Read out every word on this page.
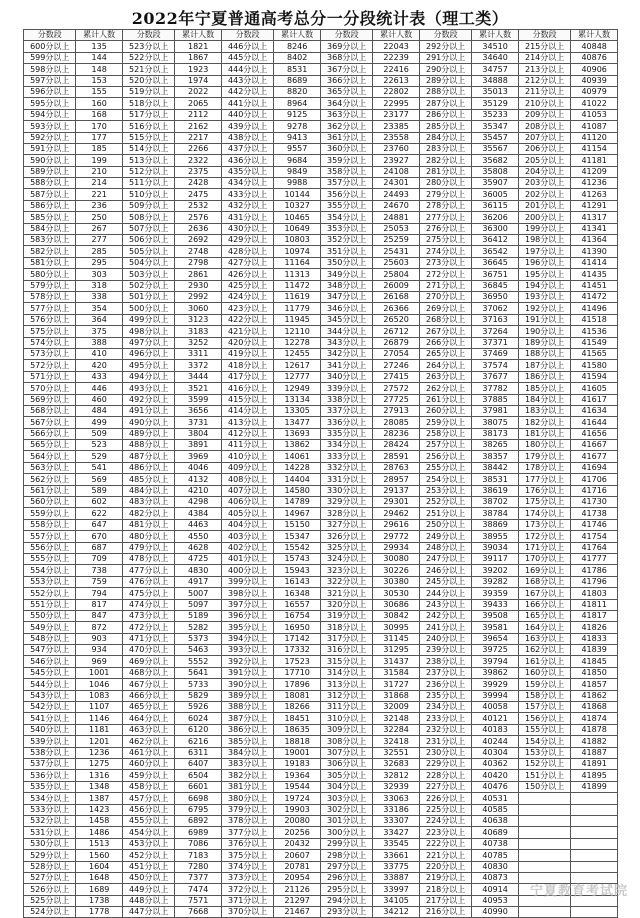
2022年宁夏普通高考总分一分段统计表（理工类）
分数段	累计人数	分数段	累计人数	分数段	累计人数	分数段	累计人数	分数段	累计人数	分数段	累计人数
600分以上	135	523分以上	1821	446分以上	8246	369分以上	22043	292分以上	34510	215分以上	40848
599分以上	144	522分以上	1867	445分以上	8402	368分以上	22239	291分以上	34640	214分以上	40876
598分以上	148	521分以上	1923	444分以上	8531	367分以上	22416	290分以上	34757	213分以上	40906
597分以上	153	520分以上	1974	443分以上	8689	366分以上	22613	289分以上	34888	212分以上	40939
596分以上	155	519分以上	2022	442分以上	8820	365分以上	22802	288分以上	35013	211分以上	40979
595分以上	160	518分以上	2065	441分以上	8964	364分以上	22995	287分以上	35129	210分以上	41022
594分以上	168	517分以上	2112	440分以上	9125	363分以上	23177	286分以上	35233	209分以上	41053
593分以上	170	516分以上	2162	439分以上	9278	362分以上	23385	285分以上	35347	208分以上	41087
592分以上	177	515分以上	2217	438分以上	9413	361分以上	23558	284分以上	35457	207分以上	41120
591分以上	185	514分以上	2266	437分以上	9557	360分以上	23760	283分以上	35567	206分以上	41154
590分以上	199	513分以上	2322	436分以上	9684	359分以上	23927	282分以上	35682	205分以上	41181
589分以上	210	512分以上	2375	435分以上	9849	358分以上	24108	281分以上	35808	204分以上	41209
588分以上	214	511分以上	2428	434分以上	9988	357分以上	24301	280分以上	35907	203分以上	41236
587分以上	221	510分以上	2475	433分以上	10144	356分以上	24493	279分以上	36005	202分以上	41263
586分以上	236	509分以上	2532	432分以上	10327	355分以上	24670	278分以上	36115	201分以上	41291
585分以上	250	508分以上	2576	431分以上	10465	354分以上	24881	277分以上	36206	200分以上	41317
584分以上	267	507分以上	2636	430分以上	10649	353分以上	25053	276分以上	36300	199分以上	41341
583分以上	277	506分以上	2692	429分以上	10803	352分以上	25259	275分以上	36412	198分以上	41364
582分以上	285	505分以上	2748	428分以上	10974	351分以上	25431	274分以上	36542	197分以上	41390
581分以上	295	504分以上	2798	427分以上	11164	350分以上	25603	273分以上	36645	196分以上	41414
580分以上	303	503分以上	2861	426分以上	11313	349分以上	25804	272分以上	36751	195分以上	41435
579分以上	318	502分以上	2930	425分以上	11472	348分以上	26009	271分以上	36845	194分以上	41451
578分以上	338	501分以上	2992	424分以上	11619	347分以上	26168	270分以上	36950	193分以上	41472
577分以上	354	500分以上	3060	423分以上	11779	346分以上	26366	269分以上	37062	192分以上	41496
576分以上	364	499分以上	3123	422分以上	11945	345分以上	26520	268分以上	37163	191分以上	41518
575分以上	375	498分以上	3183	421分以上	12110	344分以上	26712	267分以上	37264	190分以上	41536
574分以上	388	497分以上	3252	420分以上	12278	343分以上	26879	266分以上	37371	189分以上	41549
573分以上	410	496分以上	3311	419分以上	12455	342分以上	27054	265分以上	37469	188分以上	41565
572分以上	420	495分以上	3372	418分以上	12617	341分以上	27246	264分以上	37574	187分以上	41580
571分以上	433	494分以上	3444	417分以上	12777	340分以上	27415	263分以上	37677	186分以上	41594
570分以上	446	493分以上	3521	416分以上	12949	339分以上	27572	262分以上	37782	185分以上	41605
569分以上	460	492分以上	3599	415分以上	13134	338分以上	27725	261分以上	37885	184分以上	41617
568分以上	484	491分以上	3656	414分以上	13305	337分以上	27913	260分以上	37981	183分以上	41634
567分以上	499	490分以上	3731	413分以上	13477	336分以上	28085	259分以上	38075	182分以上	41644
566分以上	509	489分以上	3804	412分以上	13693	335分以上	28236	258分以上	38173	181分以上	41656
565分以上	523	488分以上	3891	411分以上	13862	334分以上	28424	257分以上	38265	180分以上	41667
564分以上	529	487分以上	3969	410分以上	14061	333分以上	28591	256分以上	38357	179分以上	41677
563分以上	541	486分以上	4046	409分以上	14228	332分以上	28763	255分以上	38442	178分以上	41694
562分以上	569	485分以上	4132	408分以上	14404	331分以上	28957	254分以上	38531	177分以上	41706
561分以上	589	484分以上	4210	407分以上	14580	330分以上	29137	253分以上	38619	176分以上	41716
560分以上	602	483分以上	4298	406分以上	14789	329分以上	29301	252分以上	38702	175分以上	41730
559分以上	622	482分以上	4384	405分以上	14967	328分以上	29462	251分以上	38784	174分以上	41738
558分以上	647	481分以上	4463	404分以上	15150	327分以上	29616	250分以上	38869	173分以上	41746
557分以上	670	480分以上	4550	403分以上	15347	326分以上	29772	249分以上	38955	172分以上	41754
556分以上	687	479分以上	4628	402分以上	15542	325分以上	29934	248分以上	39034	171分以上	41764
555分以上	709	478分以上	4725	401分以上	15743	324分以上	30080	247分以上	39117	170分以上	41777
554分以上	738	477分以上	4830	400分以上	15943	323分以上	30226	246分以上	39202	169分以上	41786
553分以上	759	476分以上	4917	399分以上	16143	322分以上	30380	245分以上	39282	168分以上	41796
552分以上	794	475分以上	5007	398分以上	16348	321分以上	30530	244分以上	39359	167分以上	41803
551分以上	817	474分以上	5097	397分以上	16557	320分以上	30686	243分以上	39433	166分以上	41811
550分以上	847	473分以上	5189	396分以上	16754	319分以上	30842	242分以上	39508	165分以上	41817
549分以上	872	472分以上	5282	395分以上	16950	318分以上	30995	241分以上	39581	164分以上	41826
548分以上	903	471分以上	5373	394分以上	17142	317分以上	31145	240分以上	39654	163分以上	41833
547分以上	934	470分以上	5463	393分以上	17332	316分以上	31295	239分以上	39725	162分以上	41839
546分以上	969	469分以上	5552	392分以上	17523	315分以上	31437	238分以上	39794	161分以上	41845
545分以上	1001	468分以上	5641	391分以上	17710	314分以上	31584	237分以上	39862	160分以上	41850
544分以上	1046	467分以上	5733	390分以上	17896	313分以上	31727	236分以上	39929	159分以上	41857
543分以上	1083	466分以上	5829	389分以上	18081	312分以上	31868	235分以上	39994	158分以上	41862
542分以上	1107	465分以上	5926	388分以上	18266	311分以上	32009	234分以上	40058	157分以上	41868
541分以上	1146	464分以上	6024	387分以上	18451	310分以上	32148	233分以上	40121	156分以上	41874
540分以上	1181	463分以上	6120	386分以上	18635	309分以上	32284	232分以上	40183	155分以上	41878
539分以上	1201	462分以上	6216	385分以上	18818	308分以上	32418	231分以上	40244	154分以上	41882
538分以上	1236	461分以上	6311	384分以上	19001	307分以上	32551	230分以上	40304	153分以上	41887
537分以上	1275	460分以上	6407	383分以上	19183	306分以上	32683	229分以上	40362	152分以上	41891
536分以上	1316	459分以上	6504	382分以上	19364	305分以上	32812	228分以上	40420	151分以上	41895
535分以上	1348	458分以上	6601	381分以上	19544	304分以上	32939	227分以上	40476	150分以上	41899
534分以上	1387	457分以上	6698	380分以上	19724	303分以上	33063	226分以上	40531		
533分以上	1423	456分以上	6795	379分以上	19903	302分以上	33186	225分以上	40585		
532分以上	1458	455分以上	6892	378分以上	20080	301分以上	33307	224分以上	40638		
531分以上	1486	454分以上	6989	377分以上	20256	300分以上	33427	223分以上	40689		
530分以上	1513	453分以上	7086	376分以上	20432	299分以上	33545	222分以上	40738		
529分以上	1560	452分以上	7183	375分以上	20607	298分以上	33661	221分以上	40785		
528分以上	1604	451分以上	7280	374分以上	20781	297分以上	33775	220分以上	40830		
527分以上	1648	450分以上	7377	373分以上	20954	296分以上	33887	219分以上	40873		
526分以上	1689	449分以上	7474	372分以上	21126	295分以上	33997	218分以上	40914		
525分以上	1738	448分以上	7571	371分以上	21297	294分以上	34105	217分以上	40953		
524分以上	1778	447分以上	7668	370分以上	21467	293分以上	34212	216分以上	40990		
宁夏教育考试院
